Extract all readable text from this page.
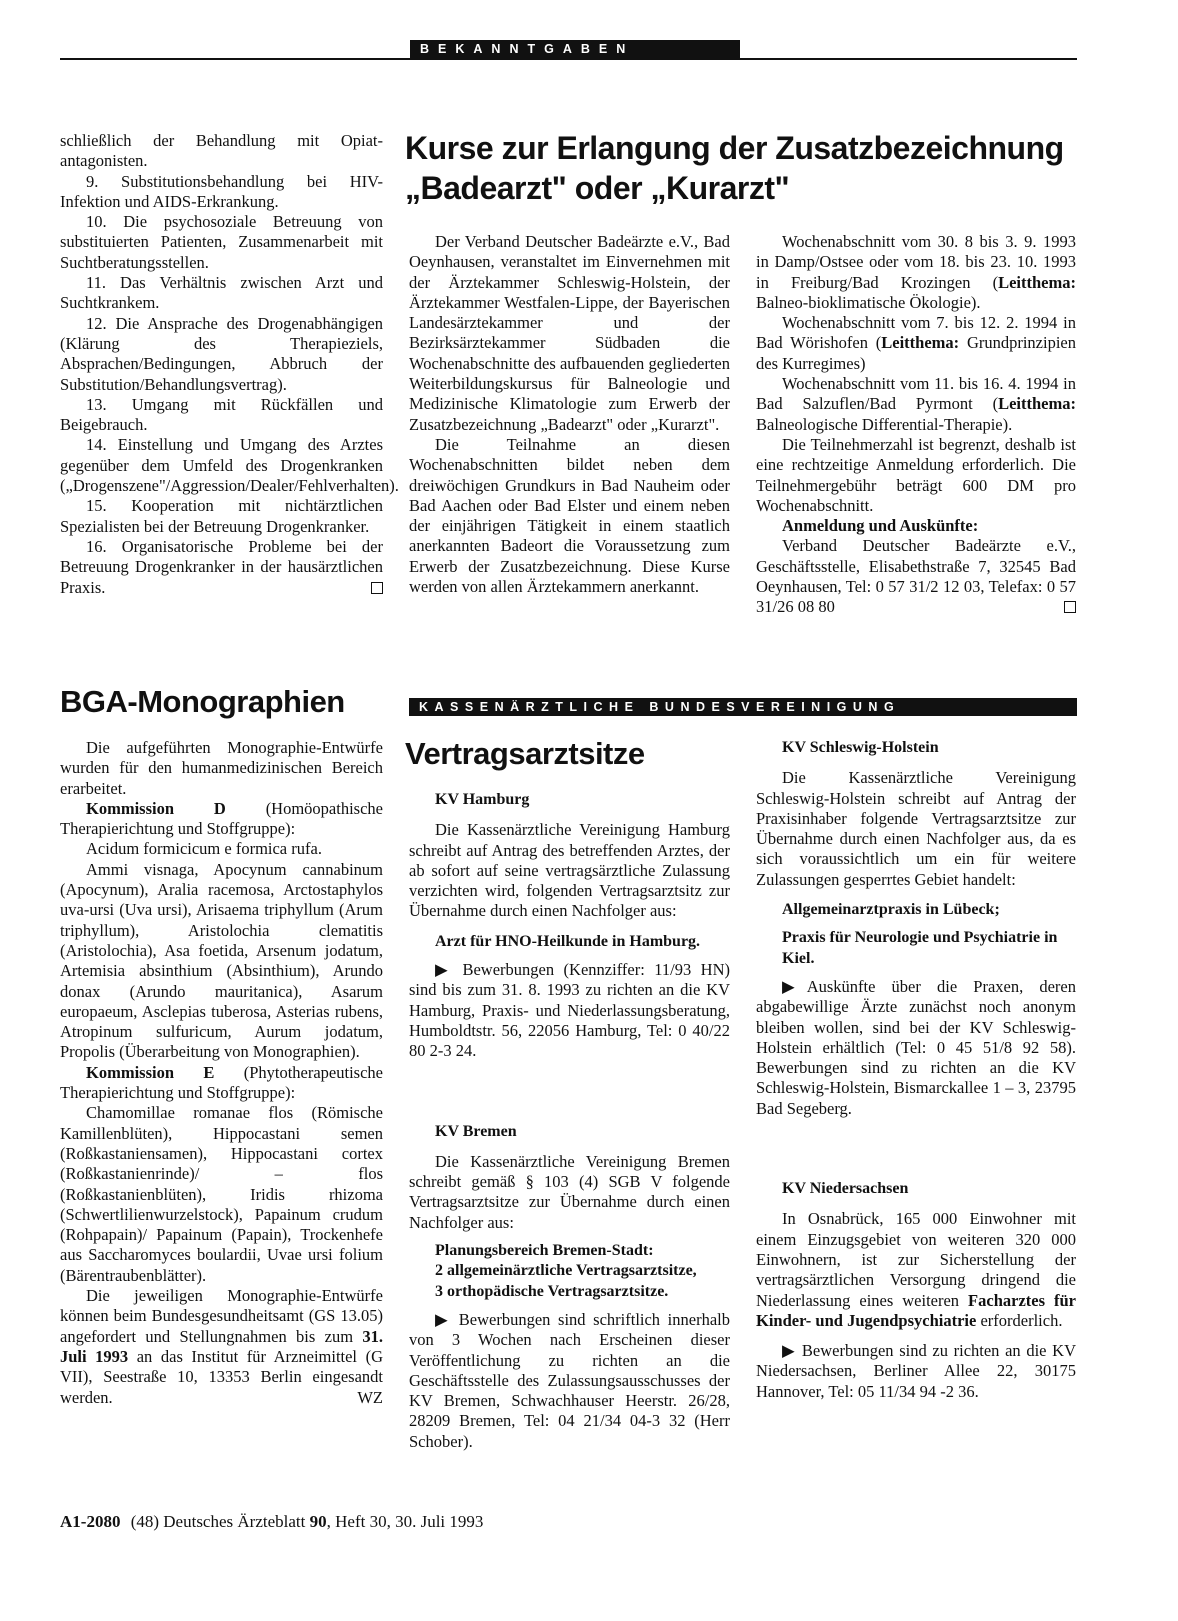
BEKANNTGABEN

schließlich der Behandlung mit Opiatantagonisten.

9. Substitutionsbehandlung bei HIV-Infektion und AIDS-Erkrankung.

10. Die psychosoziale Betreuung von substituierten Patienten, Zusammenarbeit mit Suchtberatungsstellen.

11. Das Verhältnis zwischen Arzt und Suchtkrankem.

12. Die Ansprache des Drogenabhängigen (Klärung des Therapieziels, Absprachen/Bedingungen, Abbruch der Substitution/Behandlungsvertrag).

13. Umgang mit Rückfällen und Beigebrauch.

14. Einstellung und Umgang des Arztes gegenüber dem Umfeld des Drogenkranken („Drogenszene"/Aggression/Dealer/Fehlverhalten).

15. Kooperation mit nichtärztlichen Spezialisten bei der Betreuung Drogenkranker.

16. Organisatorische Probleme bei der Betreuung Drogenkranker in der hausärztlichen Praxis.

Kurse zur Erlangung der Zusatzbezeichnung
„Badearzt" oder „Kurarzt"

Der Verband Deutscher Badeärzte e.V., Bad Oeynhausen, veranstaltet im Einvernehmen mit der Ärztekammer Schleswig-Holstein, der Ärztekammer Westfalen-Lippe, der Bayerischen Landesärztekammer und der Bezirksärztekammer Südbaden die Wochenabschnitte des aufbauenden gegliederten Weiterbildungskursus für Balneologie und Medizinische Klimatologie zum Erwerb der Zusatzbezeichnung „Badearzt" oder „Kurarzt".

Die Teilnahme an diesen Wochenabschnitten bildet neben dem dreiwöchigen Grundkurs in Bad Nauheim oder Bad Aachen oder Bad Elster und einem neben der einjährigen Tätigkeit in einem staatlich anerkannten Badeort die Voraussetzung zum Erwerb der Zusatzbezeichnung. Diese Kurse werden von allen Ärztekammern anerkannt.

Wochenabschnitt vom 30. 8 bis 3. 9. 1993 in Damp/Ostsee oder vom 18. bis 23. 10. 1993 in Freiburg/Bad Krozingen (Leitthema: Balneo-bioklimatische Ökologie).

Wochenabschnitt vom 7. bis 12. 2. 1994 in Bad Wörishofen (Leitthema: Grundprinzipien des Kurregimes)

Wochenabschnitt vom 11. bis 16. 4. 1994 in Bad Salzuflen/Bad Pyrmont (Leitthema: Balneologische Differential-Therapie).

Die Teilnehmerzahl ist begrenzt, deshalb ist eine rechtzeitige Anmeldung erforderlich. Die Teilnehmergebühr beträgt 600 DM pro Wochenabschnitt.

Anmeldung und Auskünfte:

Verband Deutscher Badeärzte e.V., Geschäftsstelle, Elisabethstraße 7, 32545 Bad Oeynhausen, Tel: 0 57 31/2 12 03, Telefax: 0 57 31/26 08 80

BGA-Monographien

Die aufgeführten Monographie-Entwürfe wurden für den humanmedizinischen Bereich erarbeitet.

Kommission D (Homöopathische Therapierichtung und Stoffgruppe):

Acidum formicicum e formica rufa.

Ammi visnaga, Apocynum cannabinum (Apocynum), Aralia racemosa, Arctostaphylos uva-ursi (Uva ursi), Arisaema triphyllum (Arum triphyllum), Aristolochia clematitis (Aristolochia), Asa foetida, Arsenum jodatum, Artemisia absinthium (Absinthium), Arundo donax (Arundo mauritanica), Asarum europaeum, Asclepias tuberosa, Asterias rubens, Atropinum sulfuricum, Aurum jodatum, Propolis (Überarbeitung von Monographien).

Kommission E (Phytotherapeutische Therapierichtung und Stoffgruppe):

Chamomillae romanae flos (Römische Kamillenblüten), Hippocastani semen (Roßkastaniensamen), Hippocastani cortex (Roßkastanienrinde)/ – flos (Roßkastanienblüten), Iridis rhizoma (Schwertlilienwurzelstock), Papainum crudum (Rohpapain)/ Papainum (Papain), Trockenhefe aus Saccharomyces boulardii, Uvae ursi folium (Bärentraubenblätter).

Die jeweiligen Monographie-Entwürfe können beim Bundesgesundheitsamt (GS 13.05) angefordert und Stellungnahmen bis zum 31. Juli 1993 an das Institut für Arzneimittel (G VII), Seestraße 10, 13353 Berlin eingesandt werden.	WZ

KASSENÄRZTLICHE BUNDESVEREINIGUNG
Vertragsarztsitze

KV Hamburg

Die Kassenärztliche Vereinigung Hamburg schreibt auf Antrag des betreffenden Arztes, der ab sofort auf seine vertragsärztliche Zulassung verzichten wird, folgenden Vertragsarztsitz zur Übernahme durch einen Nachfolger aus:

Arzt für HNO-Heilkunde in Hamburg.

▶ Bewerbungen (Kennziffer: 11/93 HN) sind bis zum 31. 8. 1993 zu richten an die KV Hamburg, Praxis- und Niederlassungsberatung, Humboldtstr. 56, 22056 Hamburg, Tel: 0 40/22 80 2-3 24.

KV Bremen

Die Kassenärztliche Vereinigung Bremen schreibt gemäß § 103 (4) SGB V folgende Vertragsarztsitze zur Übernahme durch einen Nachfolger aus:

Planungsbereich Bremen-Stadt:
2 allgemeinärztliche Vertragsarztsitze,
3 orthopädische Vertragsarztsitze.

▶ Bewerbungen sind schriftlich innerhalb von 3 Wochen nach Erscheinen dieser Veröffentlichung zu richten an die Geschäftsstelle des Zulassungsausschusses der KV Bremen, Schwachhauser Heerstr. 26/28, 28209 Bremen, Tel: 04 21/34 04-3 32 (Herr Schober).

KV Schleswig-Holstein

Die Kassenärztliche Vereinigung Schleswig-Holstein schreibt auf Antrag der Praxisinhaber folgende Vertragsarztsitze zur Übernahme durch einen Nachfolger aus, da es sich voraussichtlich um ein für weitere Zulassungen gesperrtes Gebiet handelt:

Allgemeinarztpraxis in Lübeck;

Praxis für Neurologie und Psychiatrie in Kiel.

▶Auskünfte über die Praxen, deren abgabewillige Ärzte zunächst noch anonym bleiben wollen, sind bei der KV Schleswig-Holstein erhältlich (Tel: 0 45 51/8 92 58). Bewerbungen sind zu richten an die KV Schleswig-Holstein, Bismarckallee 1 – 3, 23795 Bad Segeberg.

KV Niedersachsen

In Osnabrück, 165 000 Einwohner mit einem Einzugsgebiet von weiteren 320 000 Einwohnern, ist zur Sicherstellung der vertragsärztlichen Versorgung dringend die Niederlassung eines weiteren Facharztes für Kinder- und Jugendpsychiatrie erforderlich.

▶ Bewerbungen sind zu richten an die KV Niedersachsen, Berliner Allee 22, 30175 Hannover, Tel: 05 11/34 94 -2 36.

A1-2080 (48) Deutsches Ärzteblatt 90, Heft 30, 30. Juli 1993
